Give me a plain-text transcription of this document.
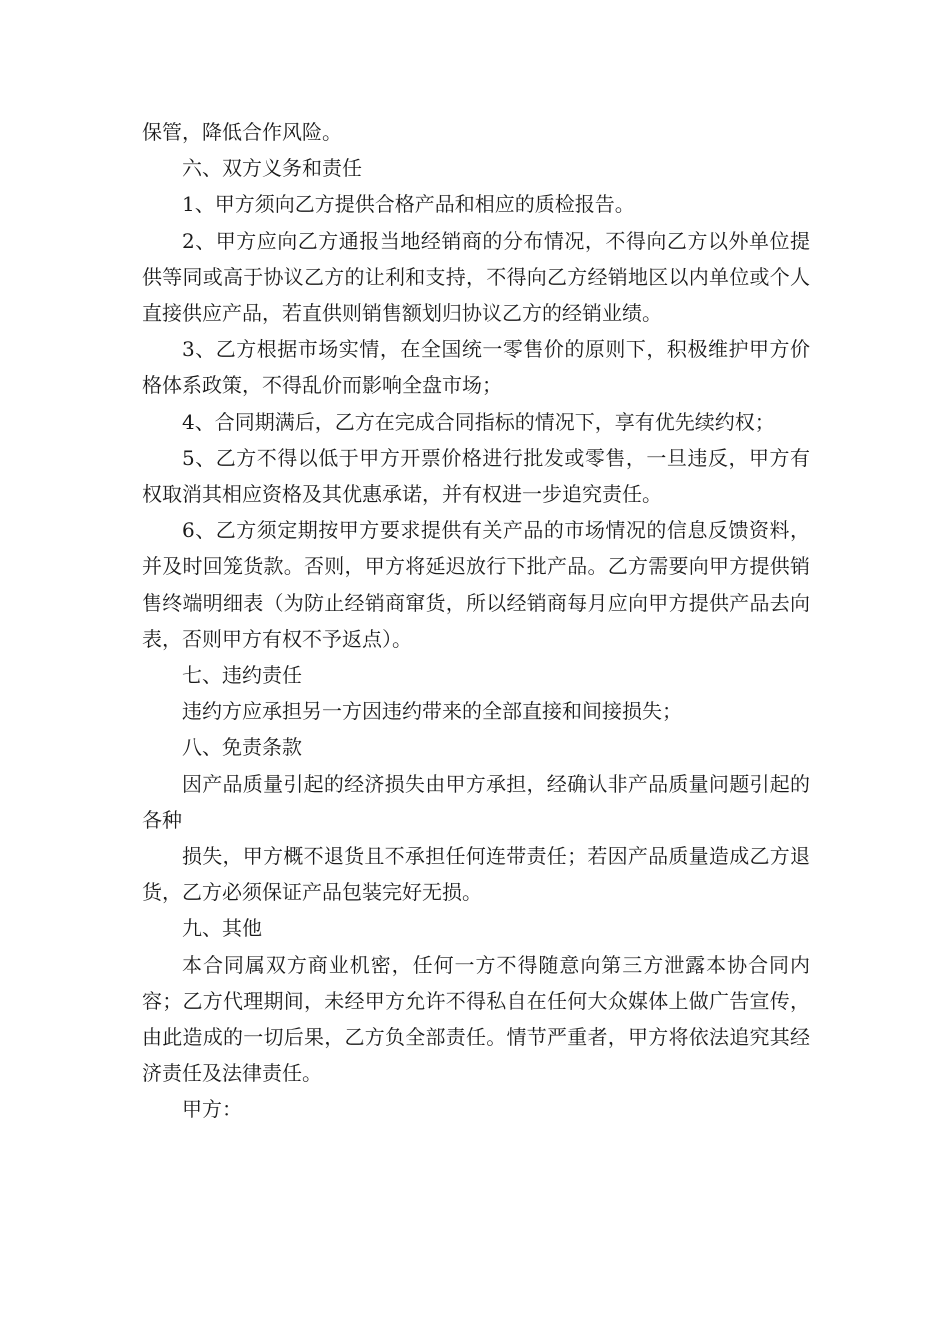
保管，降低合作风险。

六、双方义务和责任

1、甲方须向乙方提供合格产品和相应的质检报告。

2、甲方应向乙方通报当地经销商的分布情况，不得向乙方以外单位提供等同或高于协议乙方的让利和支持，不得向乙方经销地区以内单位或个人直接供应产品，若直供则销售额划归协议乙方的经销业绩。

3、乙方根据市场实情，在全国统一零售价的原则下，积极维护甲方价格体系政策，不得乱价而影响全盘市场；

4、合同期满后，乙方在完成合同指标的情况下，享有优先续约权；

5、乙方不得以低于甲方开票价格进行批发或零售，一旦违反，甲方有权取消其相应资格及其优惠承诺，并有权进一步追究责任。

6、乙方须定期按甲方要求提供有关产品的市场情况的信息反馈资料，并及时回笼货款。否则，甲方将延迟放行下批产品。乙方需要向甲方提供销售终端明细表（为防止经销商窜货，所以经销商每月应向甲方提供产品去向表，否则甲方有权不予返点）。

七、违约责任

违约方应承担另一方因违约带来的全部直接和间接损失；

八、免责条款

因产品质量引起的经济损失由甲方承担，经确认非产品质量问题引起的各种

损失，甲方概不退货且不承担任何连带责任；若因产品质量造成乙方退货，乙方必须保证产品包装完好无损。

九、其他

本合同属双方商业机密，任何一方不得随意向第三方泄露本协合同内容；乙方代理期间，未经甲方允许不得私自在任何大众媒体上做广告宣传，由此造成的一切后果，乙方负全部责任。情节严重者，甲方将依法追究其经济责任及法律责任。

甲方：
